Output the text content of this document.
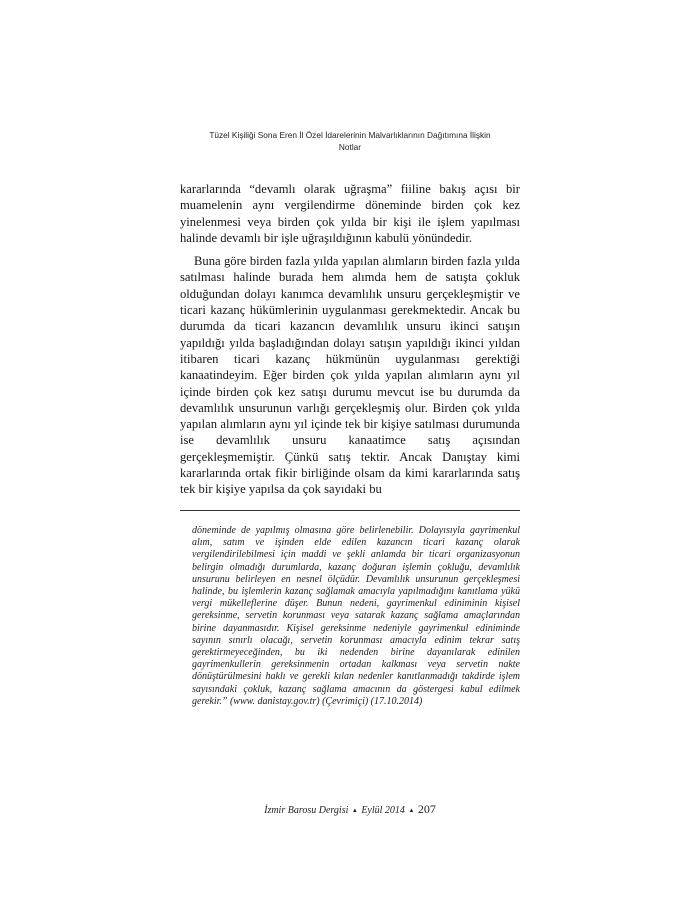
Tüzel Kişiliği Sona Eren İl Özel İdarelerinin Malvarlıklarının Dağıtımına İlişkin
Notlar

kararlarında “devamlı olarak uğraşma” fiiline bakış açısı bir muamelenin aynı vergilendirme döneminde birden çok kez yinelenmesi veya birden çok yılda bir kişi ile işlem yapılması halinde devamlı bir işle uğraşıldığının kabulü yönündedir.

Buna göre birden fazla yılda yapılan alımların birden fazla yılda satılması halinde burada hem alımda hem de satışta çokluk olduğundan dolayı kanımca devamlılık unsuru gerçekleşmiştir ve ticari kazanç hükümlerinin uygulanması gerekmektedir. Ancak bu durumda da ticari kazancın devamlılık unsuru ikinci satışın yapıldığı yılda başladığından dolayı satışın yapıldığı ikinci yıldan itibaren ticari kazanç hükmünün uygulanması gerektiği kanaatindeyim. Eğer birden çok yılda yapılan alımların aynı yıl içinde birden çok kez satışı durumu mevcut ise bu durumda da devamlılık unsurunun varlığı gerçekleşmiş olur. Birden çok yılda yapılan alımların aynı yıl içinde tek bir kişiye satılması durumunda ise devamlılık unsuru kanaatimce satış açısından gerçekleşmemiştir. Çünkü satış tektir. Ancak Danıştay kimi kararlarında ortak fikir birliğinde olsam da kimi kararlarında satış tek bir kişiye yapılsa da çok sayıdaki bu

döneminde de yapılmış olmasına göre belirlenebilir. Dolayısıyla gayrimenkul alım, satım ve işinden elde edilen kazancın ticari kazanç olarak vergilendirilebilmesi için maddi ve şekli anlamda bir ticari organizasyonun belirgin olmadığı durumlarda, kazanç doğuran işlemin çokluğu, devamlılık unsurunu belirleyen en nesnel ölçüdür. Devamlılık unsurunun gerçekleşmesi halinde, bu işlemlerin kazanç sağlamak amacıyla yapılmadığını kanıtlama yükü vergi mükelleflerine düşer. Bunun nedeni, gayrimenkul ediniminin kişisel gereksinme, servetin korunması veya satarak kazanç sağlama amaçlarından birine dayanmasıdır. Kişisel gereksinme nedeniyle gayrimenkul ediniminde sayının sınırlı olacağı, servetin korunması amacıyla edinim tekrar satış gerektirmeyeceğinden, bu iki nedenden birine dayanılarak edinilen gayrimenkullerin gereksinmenin ortadan kalkması veya servetin nakte dönüştürülmesini haklı ve gerekli kılan nedenler kanıtlanmadığı takdirde işlem sayısındaki çokluk, kazanç sağlama amacının da göstergesi kabul edilmek gerekir.” (www. danistay.gov.tr) (Çevrimiçi) (17.10.2014)

İzmir Barosu Dergisi ▲ Eylül 2014 ▲ 207
